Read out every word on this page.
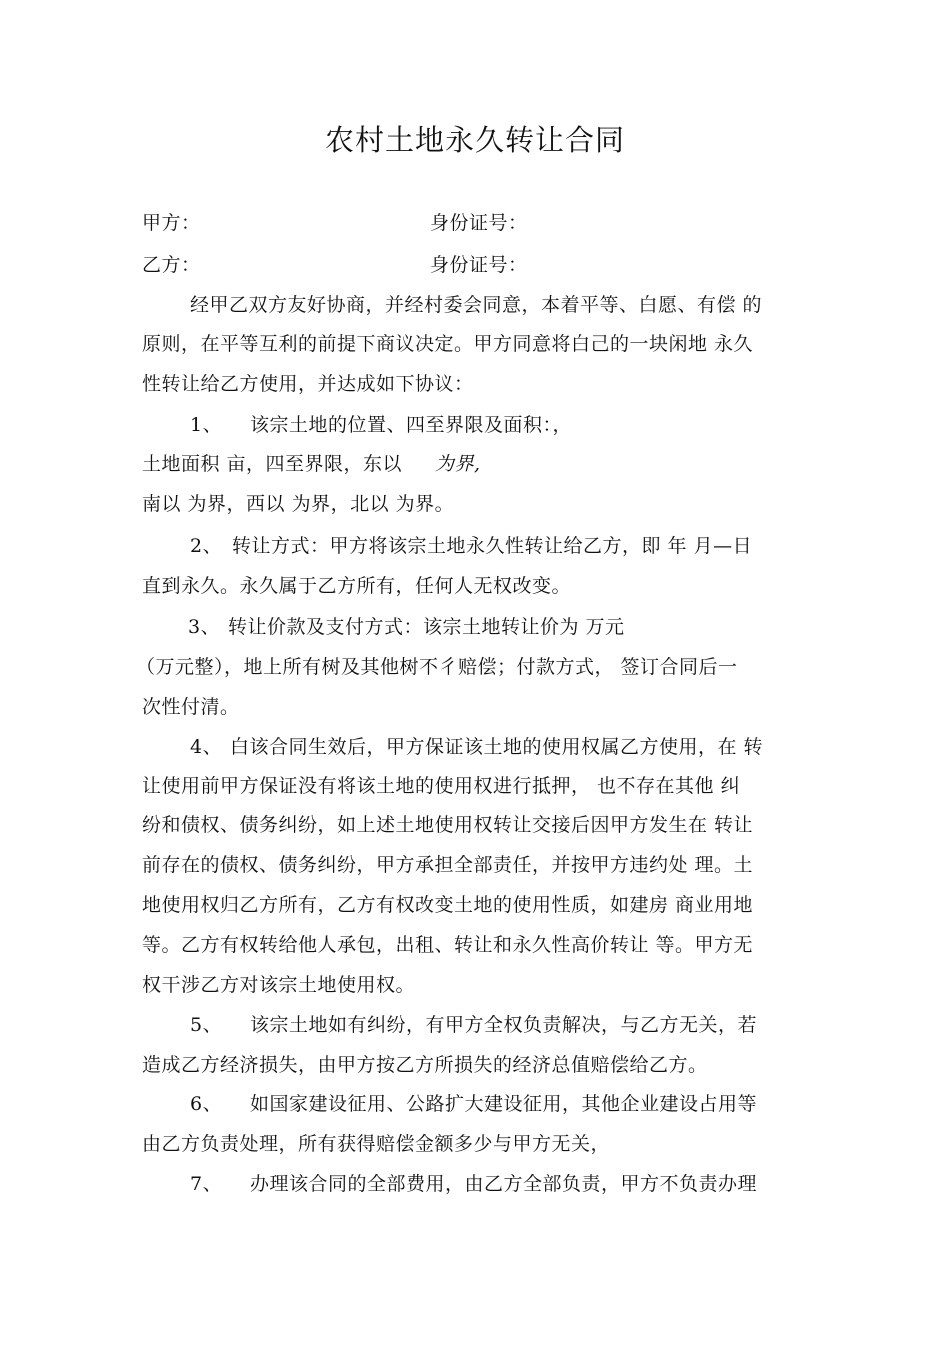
农村土地永久转让合同
甲方：	身份证号：
乙方：	身份证号：
经甲乙双方友好协商，并经村委会同意，本着平等、白愿、有偿 的
原则，在平等互利的前提下商议决定。甲方同意将白己的一块闲地 永久
性转让给乙方使用，并达成如下协议：
1、 该宗土地的位置、四至界限及面积：，
土地面积 亩，四至界限，东以 为界,
南以 为界，西以 为界，北以 为界。
2、 转让方式：甲方将该宗土地永久性转让给乙方，即 年 月—日
直到永久。永久属于乙方所有，任何人无权改变。
3、 转让价款及支付方式：该宗土地转让价为 万元
（万元整），地上所有树及其他树不彳赔偿；付款方式， 签订合同后一
次性付清。
4、 白该合同生效后，甲方保证该土地的使用权属乙方使用，在 转
让使用前甲方保证没有将该土地的使用权进行抵押， 也不存在其他 纠
纷和债权、债务纠纷，如上述土地使用权转让交接后因甲方发生在 转让
前存在的债权、债务纠纷，甲方承担全部责任，并按甲方违约处 理。土
地使用权归乙方所有，乙方有权改变土地的使用性质，如建房 商业用地
等。乙方有权转给他人承包，出租、转让和永久性高价转让 等。甲方无
权干涉乙方对该宗土地使用权。
5、 该宗土地如有纠纷，有甲方全权负责解决，与乙方无关，若
造成乙方经济损失，由甲方按乙方所损失的经济总值赔偿给乙方。
6、 如国家建设征用、公路扩大建设征用，其他企业建设占用等
由乙方负责处理，所有获得赔偿金额多少与甲方无关，
7、 办理该合同的全部费用，由乙方全部负责，甲方不负责办理
